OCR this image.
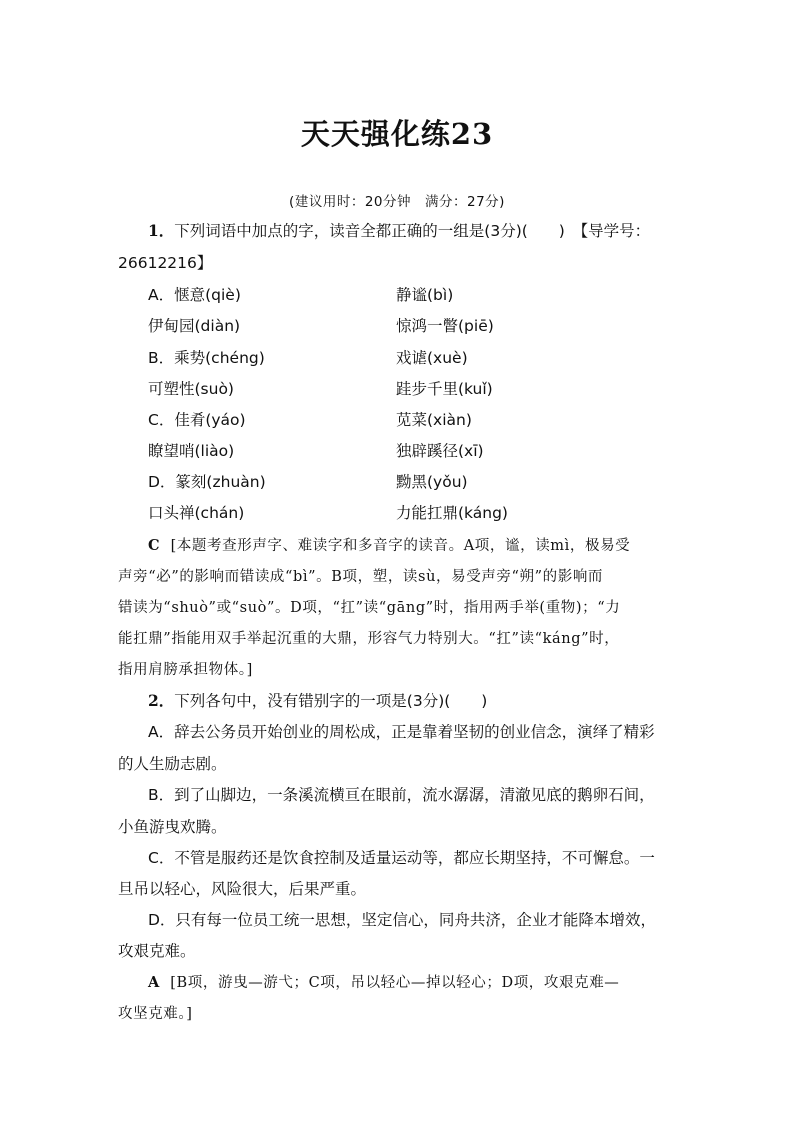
天天强化练23
(建议用时：20分钟　满分：27分)
1．下列词语中加点的字，读音全都正确的一组是(3分)(　　)　【导学号：
26612216】
A．惬意(qiè)	静谧(bì)
伊甸园(diàn)	惊鸿一瞥(piē)
B．乘势(chéng)	戏谑(xuè)
可塑性(suò)	跬步千里(kuǐ)
C．佳肴(yáo)	苋菜(xiàn)
瞭望哨(liào)	独辟蹊径(xī)
D．篆刻(zhuàn)	黝黑(yǒu)
口头禅(chán)	力能扛鼎(káng)
C [本题考查形声字、难读字和多音字的读音。A项，谧，读mì，极易受
声旁“必”的影响而错读成“bì”。B项，塑，读sù，易受声旁“朔”的影响而
错读为“shuò”或“suò”。D项，“扛”读“gāng”时，指用两手举(重物)；“力
能扛鼎”指能用双手举起沉重的大鼎，形容气力特别大。“扛”读“káng”时，
指用肩膀承担物体。]
2．下列各句中，没有错别字的一项是(3分)(　　)
A．辞去公务员开始创业的周松成，正是靠着坚韧的创业信念，演绎了精彩
的人生励志剧。
B．到了山脚边，一条溪流横亘在眼前，流水潺潺，清澈见底的鹅卵石间，
小鱼游曳欢腾。
C．不管是服药还是饮食控制及适量运动等，都应长期坚持，不可懈怠。一
旦吊以轻心，风险很大，后果严重。
D．只有每一位员工统一思想，坚定信心，同舟共济，企业才能降本增效，
攻艰克难。
A [B项，游曳—游弋；C项，吊以轻心—掉以轻心；D项，攻艰克难—
攻坚克难。]
